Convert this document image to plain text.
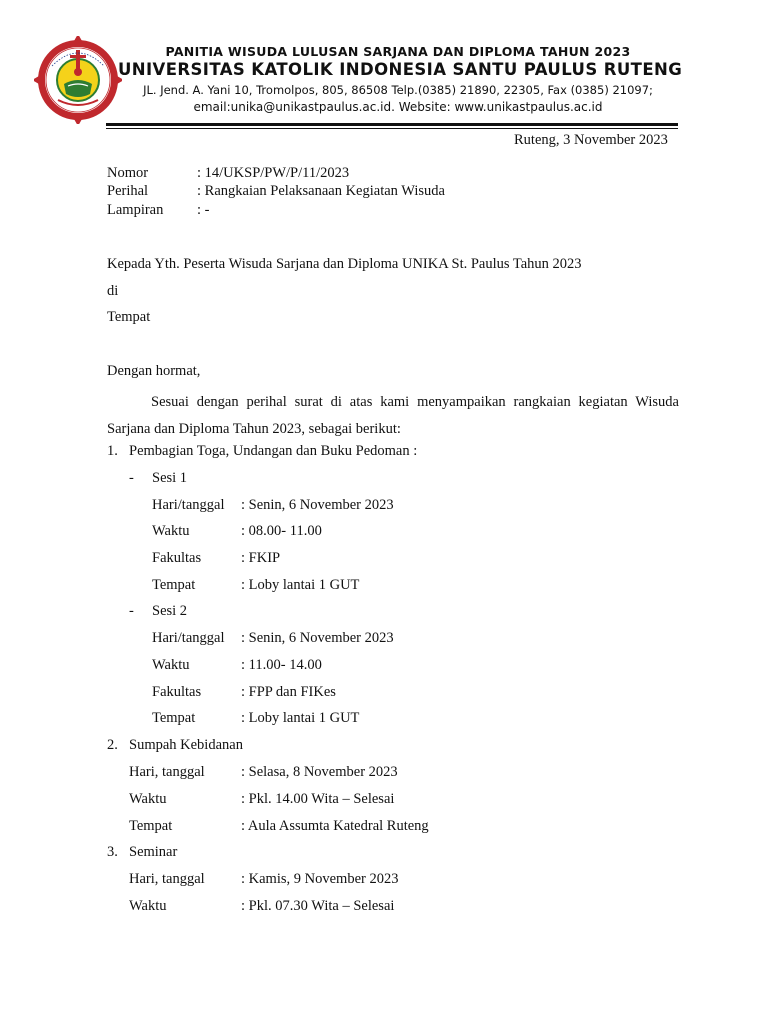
PANITIA WISUDA LULUSAN SARJANA DAN DIPLOMA TAHUN 2023
UNIVERSITAS KATOLIK INDONESIA SANTU PAULUS RUTENG
JL. Jend. A. Yani 10, Tromolpos, 805, 86508 Telp.(0385) 21890, 22305, Fax (0385) 21097;
email:unika@unikastpaulus.ac.id. Website: www.unikastpaulus.ac.id
Ruteng, 3 November 2023
Nomor	: 14/UKSP/PW/P/11/2023
Perihal	: Rangkaian Pelaksanaan Kegiatan Wisuda
Lampiran : -
Kepada Yth. Peserta Wisuda Sarjana dan Diploma UNIKA St. Paulus Tahun 2023
di
Tempat
Dengan hormat,
Sesuai dengan perihal surat di atas kami menyampaikan rangkaian kegiatan Wisuda Sarjana dan Diploma Tahun 2023, sebagai berikut:
1. Pembagian Toga, Undangan dan Buku Pedoman :
- Sesi 1
Hari/tanggal : Senin, 6 November 2023
Waktu	: 08.00- 11.00
Fakultas	: FKIP
Tempat	: Loby lantai 1 GUT
- Sesi 2
Hari/tanggal : Senin, 6 November 2023
Waktu	: 11.00- 14.00
Fakultas	: FPP dan FIKes
Tempat	: Loby lantai 1 GUT
2. Sumpah Kebidanan
Hari, tanggal	: Selasa, 8 November 2023
Waktu	: Pkl. 14.00 Wita – Selesai
Tempat	: Aula Assumta Katedral Ruteng
3. Seminar
Hari, tanggal	: Kamis, 9 November 2023
Waktu	: Pkl. 07.30 Wita – Selesai
